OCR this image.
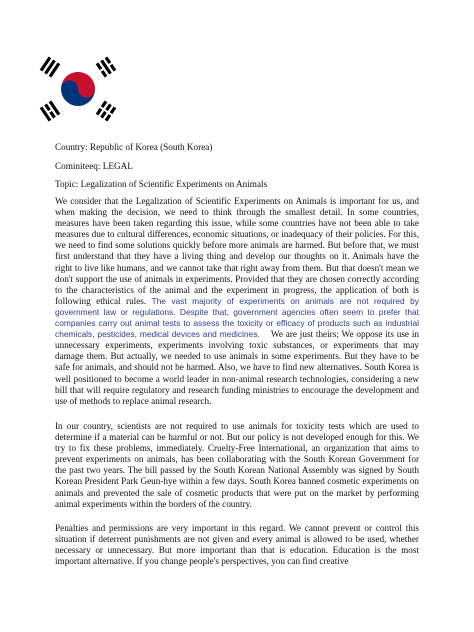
Country: Republic of Korea (South Korea)
Cominiteeq: LEGAL
Topic: Legalization of Scientific Experiments on Animals

We consider that the Legalization of Scientific Experiments on Animals is important for us, and when making the decision, we need to think through the smallest detail. In some countries, measures have been taken regarding this issue, while some countries have not been able to take measures due to cultural differences, economic situations, or inadequacy of their policies. For this, we need to find some solutions quickly before more animals are harmed. But before that, we must first understand that they have a living thing and develop our thoughts on it. Animals have the right to live like humans, and we cannot take that right away from them. But that doesn't mean we don't support the use of animals in experiments. Provided that they are chosen correctly according to the characteristics of the animal and the experiment in progress, the application of both is following ethical rules. The vast majority of experiments on animals are not required by government law or regulations. Despite that, government agencies often seem to prefer that companies carry out animal tests to assess the toxicity or efficacy of products such as industrial chemicals, pesticides, medical devices and medicines.    We are just theirs; We oppose its use in unnecessary experiments, experiments involving toxic substances, or experiments that may damage them. But actually, we needed to use animals in some experiments. But they have to be safe for animals, and should not be harmed. Also, we have to find new alternatives. South Korea is well positioned to become a world leader in non-animal research technologies, considering a new bill that will require regulatory and research funding ministries to encourage the development and use of methods to replace animal research.

In our country, scientists are not required to use animals for toxicity tests which are used to determine if a material can be harmful or not. But our policy is not developed enough for this. We try to fix these problems, immediately. Cruelty-Free International, an organization that aims to prevent experiments on animals, has been collaborating with the South Korean Government for the past two years. The bill passed by the South Korean National Assembly was signed by South Korean President Park Geun-hye within a few days. South Korea banned cosmetic experiments on animals and prevented the sale of cosmetic products that were put on the market by performing animal experiments within the borders of the country.

Penalties and permissions are very important in this regard. We cannot prevent or control this situation if deterrent punishments are not given and every animal is allowed to be used, whether necessary or unnecessary. But more important than that is education. Education is the most important alternative. If you change people's perspectives, you can find creative
